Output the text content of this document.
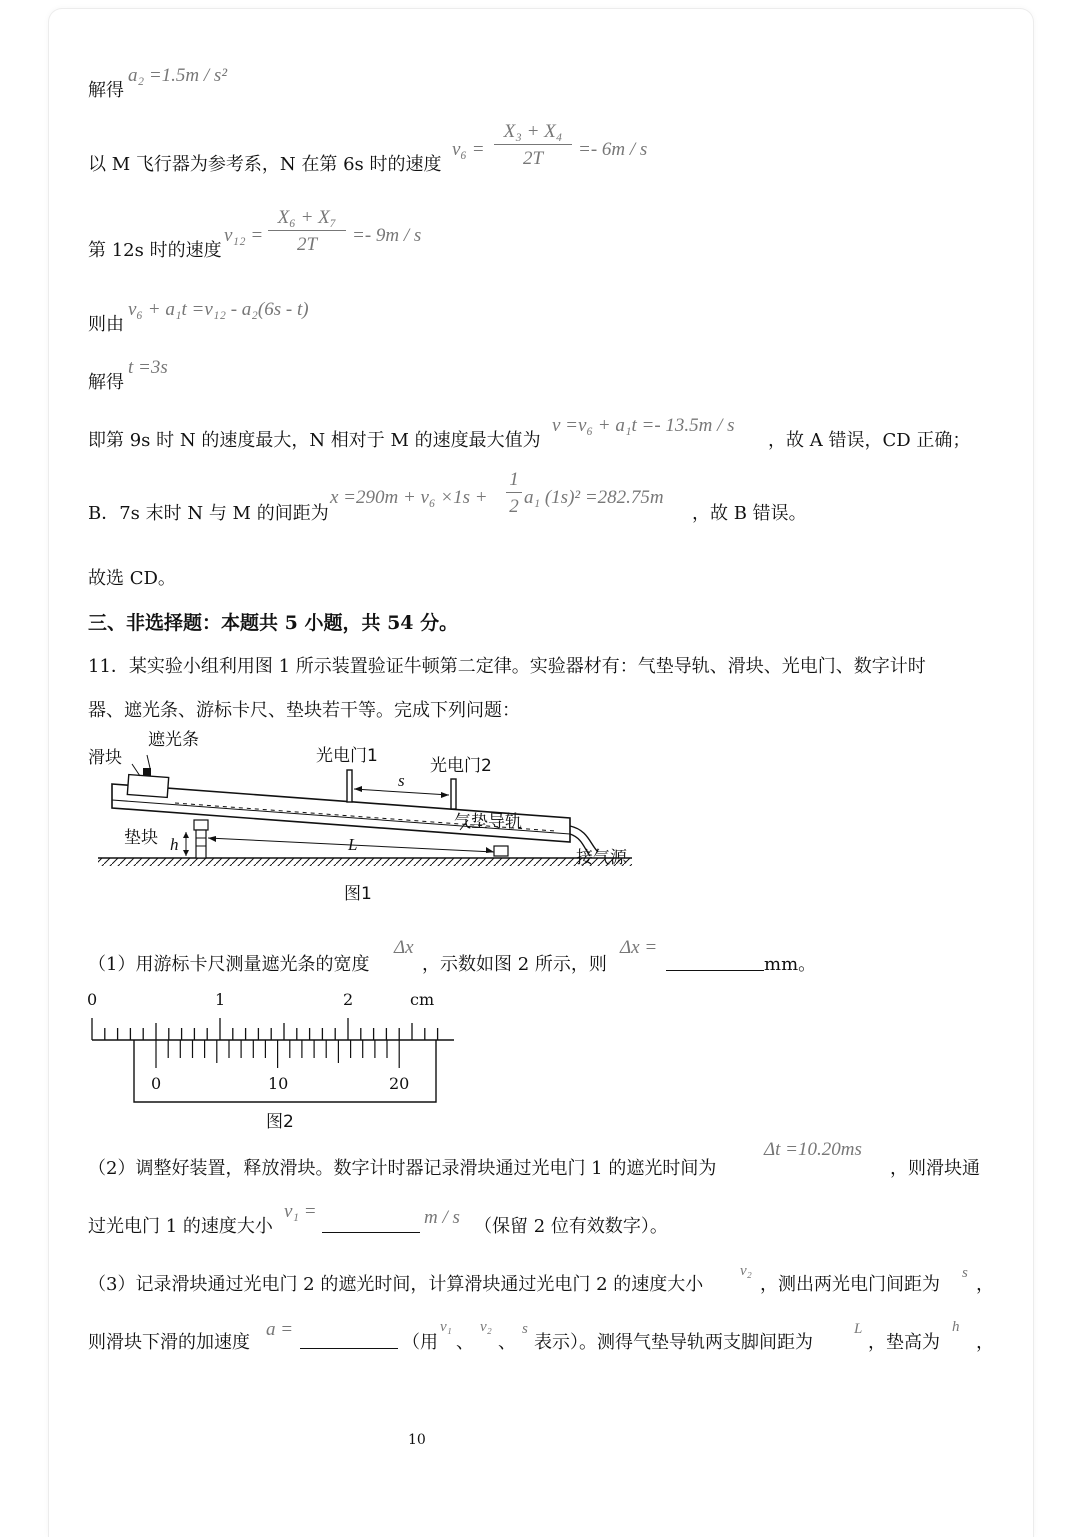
解得
a₂ =1.5m / s²
以 M 飞行器为参考系，N 在第 6s 时的速度
$v_6 = \frac{\text{X₃ + X₄}}{2T} =- 6m / s$
第 12s 时的速度
$v_{12} = \frac{\text{X₆ + X₇}}{2T} =- 9m / s$
则由
v₆ + a₁t =v₁₂ - a₂(6s - t)
解得
t =3s
即第 9s 时 N 的速度最大，N 相对于 M 的速度最大值为
v =v₆ + a₁t =- 13.5m / s
，故 A 错误，CD 正确；
B．7s 末时 N 与 M 的间距为
$x =290m + v_6 \times 1s + \frac{1}{2} a_1$ (1s)² =282.75m
，故 B 错误。
故选 CD。
三、非选择题：本题共 5 小题，共 54 分。
11．某实验小组利用图 1 所示装置验证牛顿第二定律。实验器材有：气垫导轨、滑块、光电门、数字计时
器、遮光条、游标卡尺、垫块若干等。完成下列问题：
滑块
遮光条
光电门1	光电门2
s
气垫导轨
垫块 h	L
接气源
图1
（1）用游标卡尺测量遮光条的宽度
Δx
，示数如图 2 所示，则
Δx =
mm。
0	1	2	cm
0	10	20
图2
（2）调整好装置，释放滑块。数字计时器记录滑块通过光电门 1 的遮光时间为
Δt =10.20ms
，则滑块通
过光电门 1 的速度大小
v₁ =	m / s （保留 2 位有效数字）。
（3）记录滑块通过光电门 2 的遮光时间，计算滑块通过光电门 2 的速度大小
v₂
，测出两光电门间距为
s
，
则滑块下滑的加速度
a =
（用
v₁
、
v₂
、
s
表示）。测得气垫导轨两支脚间距为
L
，垫高为
h
，
10
